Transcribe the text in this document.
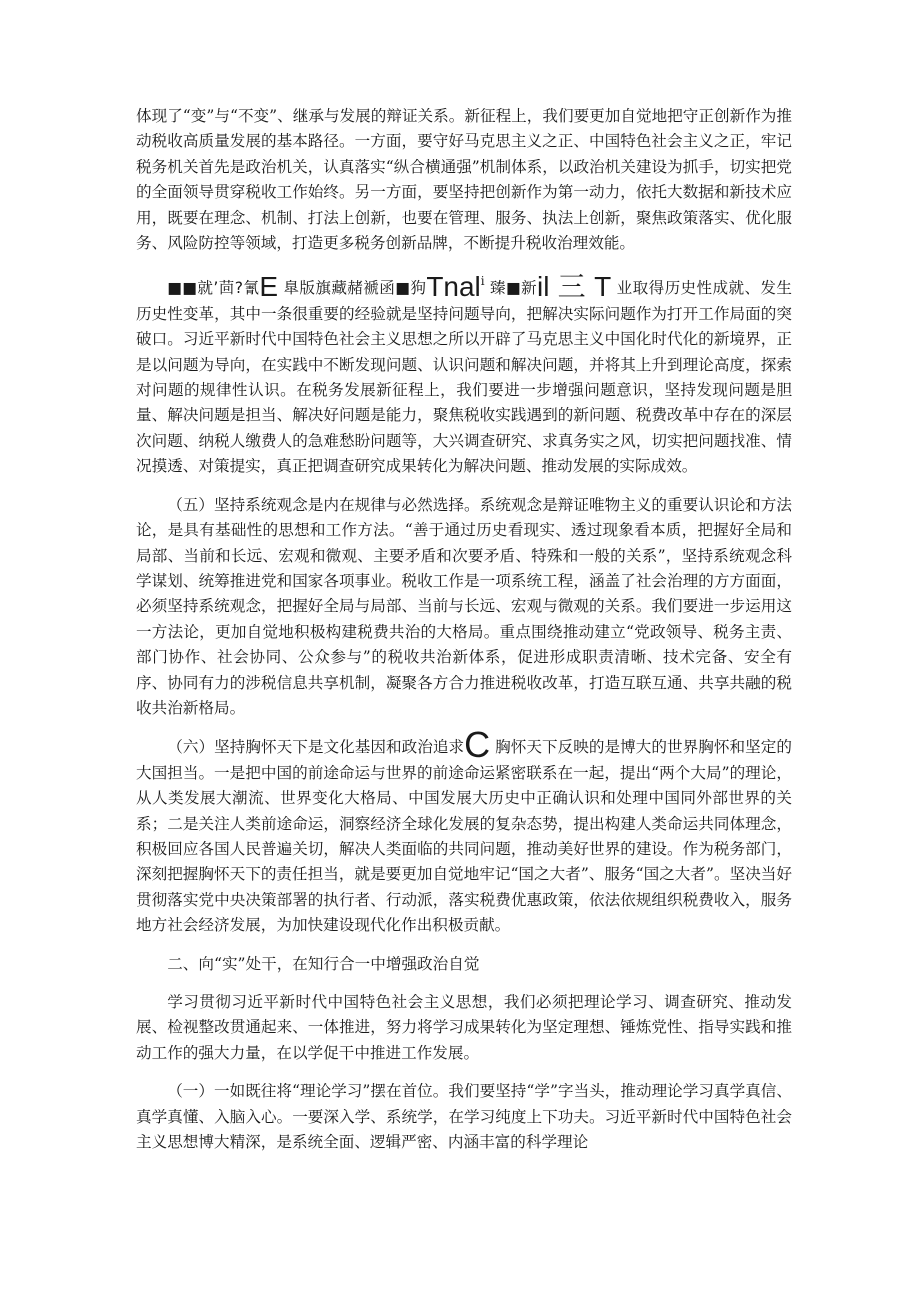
体现了“变”与“不变”、继承与发展的辩证关系。新征程上，我们要更加自觉地把守正创新作为推动税收高质量发展的基本路径。一方面，要守好马克思主义之正、中国特色社会主义之正，牢记税务机关首先是政治机关，认真落实“纵合横通强”机制体系，以政治机关建设为抓手，切实把党的全面领导贯穿税收工作始终。另一方面，要坚持把创新作为第一动力，依托大数据和新技术应用，既要在理念、机制、打法上创新，也要在管理、服务、执法上创新，聚焦政策落实、优化服务、风险防控等领域，打造更多税务创新品牌，不断提升税收治理效能。

■■就’茴?氰E 臯版旗藏赭褫函■狗Tnal$^i$ 臻■新il 三 T 业取得历史性成就、发生历史性变革，其中一条很重要的经验就是坚持问题导向，把解决实际问题作为打开工作局面的突破口。习近平新时代中国特色社会主义思想之所以开辟了马克思主义中国化时代化的新境界，正是以问题为导向，在实践中不断发现问题、认识问题和解决问题，并将其上升到理论高度，探索对问题的规律性认识。在税务发展新征程上，我们要进一步增强问题意识，坚持发现问题是胆量、解决问题是担当、解决好问题是能力，聚焦税收实践遇到的新问题、税费改革中存在的深层次问题、纳税人缴费人的急难愁盼问题等，大兴调查研究、求真务实之风，切实把问题找准、情况摸透、对策提实，真正把调查研究成果转化为解决问题、推动发展的实际成效。

（五）坚持系统观念是内在规律与必然选择。系统观念是辩证唯物主义的重要认识论和方法论，是具有基础性的思想和工作方法。“善于通过历史看现实、透过现象看本质，把握好全局和局部、当前和长远、宏观和微观、主要矛盾和次要矛盾、特殊和一般的关系”，坚持系统观念科学谋划、统筹推进党和国家各项事业。税收工作是一项系统工程，涵盖了社会治理的方方面面，必须坚持系统观念，把握好全局与局部、当前与长远、宏观与微观的关系。我们要进一步运用这一方法论，更加自觉地积极构建税费共治的大格局。重点围绕推动建立“党政领导、税务主责、部门协作、社会协同、公众参与”的税收共治新体系，促进形成职责清晰、技术完备、安全有序、协同有力的涉税信息共享机制，凝聚各方合力推进税收改革，打造互联互通、共享共融的税收共治新格局。

（六）坚持胸怀天下是文化基因和政治追求C 胸怀天下反映的是博大的世界胸怀和坚定的大国担当。一是把中国的前途命运与世界的前途命运紧密联系在一起，提出“两个大局”的理论，从人类发展大潮流、世界变化大格局、中国发展大历史中正确认识和处理中国同外部世界的关系；二是关注人类前途命运，洞察经济全球化发展的复杂态势，提出构建人类命运共同体理念，积极回应各国人民普遍关切，解决人类面临的共同问题，推动美好世界的建设。作为税务部门，深刻把握胸怀天下的责任担当，就是要更加自觉地牢记“国之大者”、服务“国之大者”。坚决当好贯彻落实党中央决策部署的执行者、行动派，落实税费优惠政策，依法依规组织税费收入，服务地方社会经济发展，为加快建设现代化作出积极贡献。

二、向“实”处干，在知行合一中增强政治自觉

学习贯彻习近平新时代中国特色社会主义思想，我们必须把理论学习、调查研究、推动发展、检视整改贯通起来、一体推进，努力将学习成果转化为坚定理想、锤炼党性、指导实践和推动工作的强大力量，在以学促干中推进工作发展。

（一）一如既往将“理论学习”摆在首位。我们要坚持“学”字当头，推动理论学习真学真信、真学真懂、入脑入心。一要深入学、系统学，在学习纯度上下功夫。习近平新时代中国特色社会主义思想博大精深，是系统全面、逻辑严密、内涵丰富的科学理论
